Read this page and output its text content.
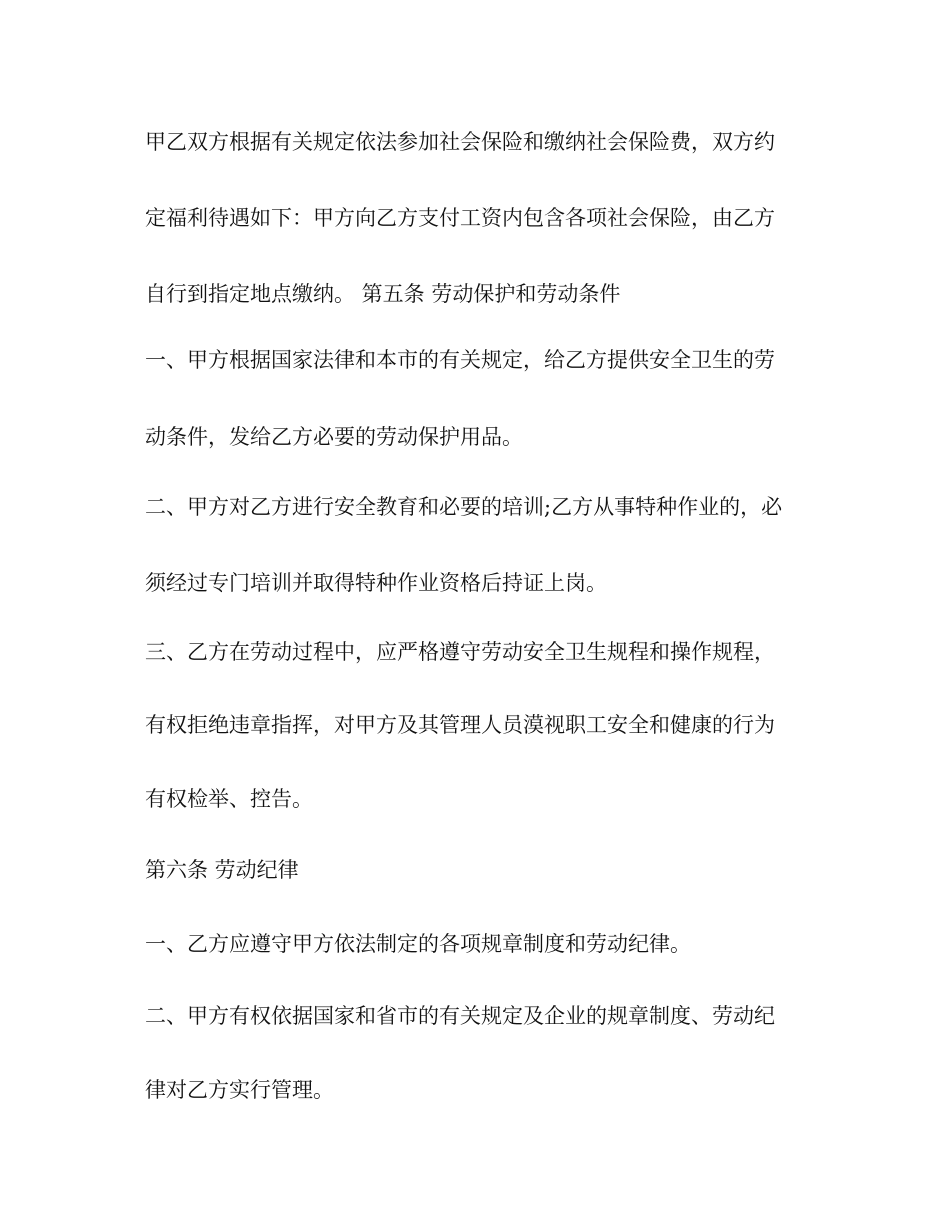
甲乙双方根据有关规定依法参加社会保险和缴纳社会保险费，双方约
定福利待遇如下：甲方向乙方支付工资内包含各项社会保险，由乙方
自行到指定地点缴纳。 第五条 劳动保护和劳动条件
一、甲方根据国家法律和本市的有关规定，给乙方提供安全卫生的劳
动条件，发给乙方必要的劳动保护用品。
二、甲方对乙方进行安全教育和必要的培训;乙方从事特种作业的，必
须经过专门培训并取得特种作业资格后持证上岗。
三、乙方在劳动过程中，应严格遵守劳动安全卫生规程和操作规程，
有权拒绝违章指挥，对甲方及其管理人员漠视职工安全和健康的行为
有权检举、控告。
第六条 劳动纪律
一、乙方应遵守甲方依法制定的各项规章制度和劳动纪律。
二、甲方有权依据国家和省市的有关规定及企业的规章制度、劳动纪
律对乙方实行管理。
